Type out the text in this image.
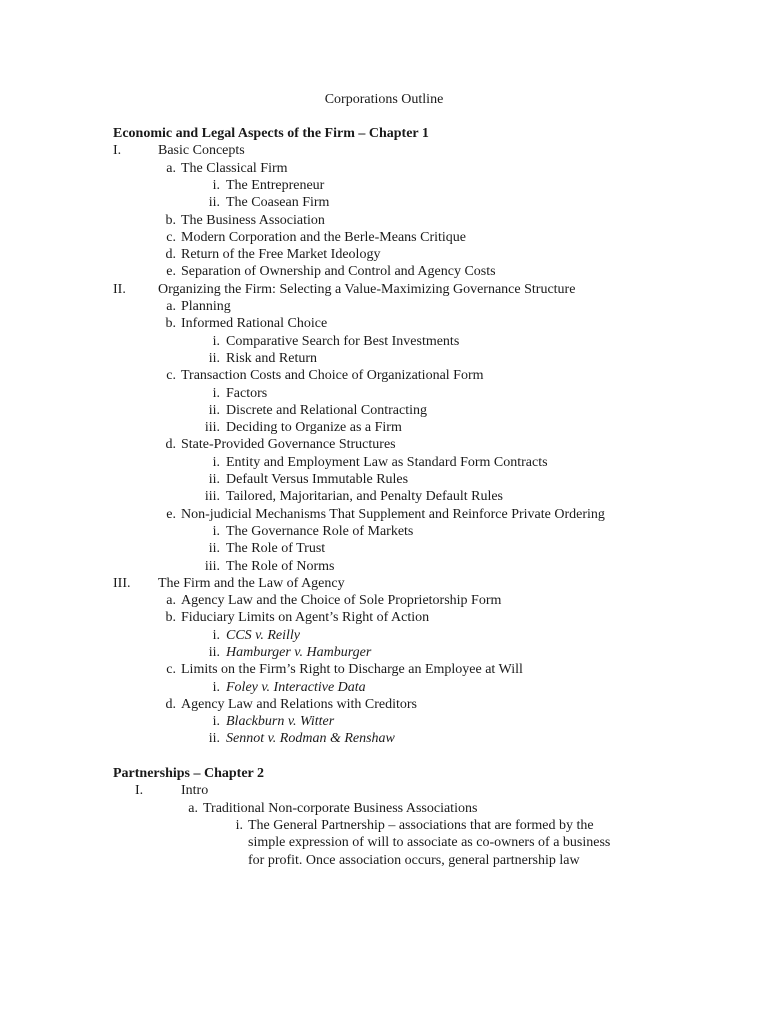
Corporations Outline
Economic and Legal Aspects of the Firm – Chapter 1
I.	Basic Concepts
a. The Classical Firm
i. The Entrepreneur
ii. The Coasean Firm
b. The Business Association
c. Modern Corporation and the Berle-Means Critique
d. Return of the Free Market Ideology
e. Separation of Ownership and Control and Agency Costs
II. Organizing the Firm: Selecting a Value-Maximizing Governance Structure
a. Planning
b. Informed Rational Choice
i. Comparative Search for Best Investments
ii. Risk and Return
c. Transaction Costs and Choice of Organizational Form
i. Factors
ii. Discrete and Relational Contracting
iii. Deciding to Organize as a Firm
d. State-Provided Governance Structures
i. Entity and Employment Law as Standard Form Contracts
ii. Default Versus Immutable Rules
iii. Tailored, Majoritarian, and Penalty Default Rules
e. Non-judicial Mechanisms That Supplement and Reinforce Private Ordering
i. The Governance Role of Markets
ii. The Role of Trust
iii. The Role of Norms
III. The Firm and the Law of Agency
a. Agency Law and the Choice of Sole Proprietorship Form
b. Fiduciary Limits on Agent’s Right of Action
i. CCS v. Reilly
ii. Hamburger v. Hamburger
c. Limits on the Firm’s Right to Discharge an Employee at Will
i. Foley v. Interactive Data
d. Agency Law and Relations with Creditors
i. Blackburn v. Witter
ii. Sennot v. Rodman & Renshaw
Partnerships – Chapter 2
I.	Intro
a. Traditional Non-corporate Business Associations
i. The General Partnership – associations that are formed by the
simple expression of will to associate as co-owners of a business
for profit. Once association occurs, general partnership law
